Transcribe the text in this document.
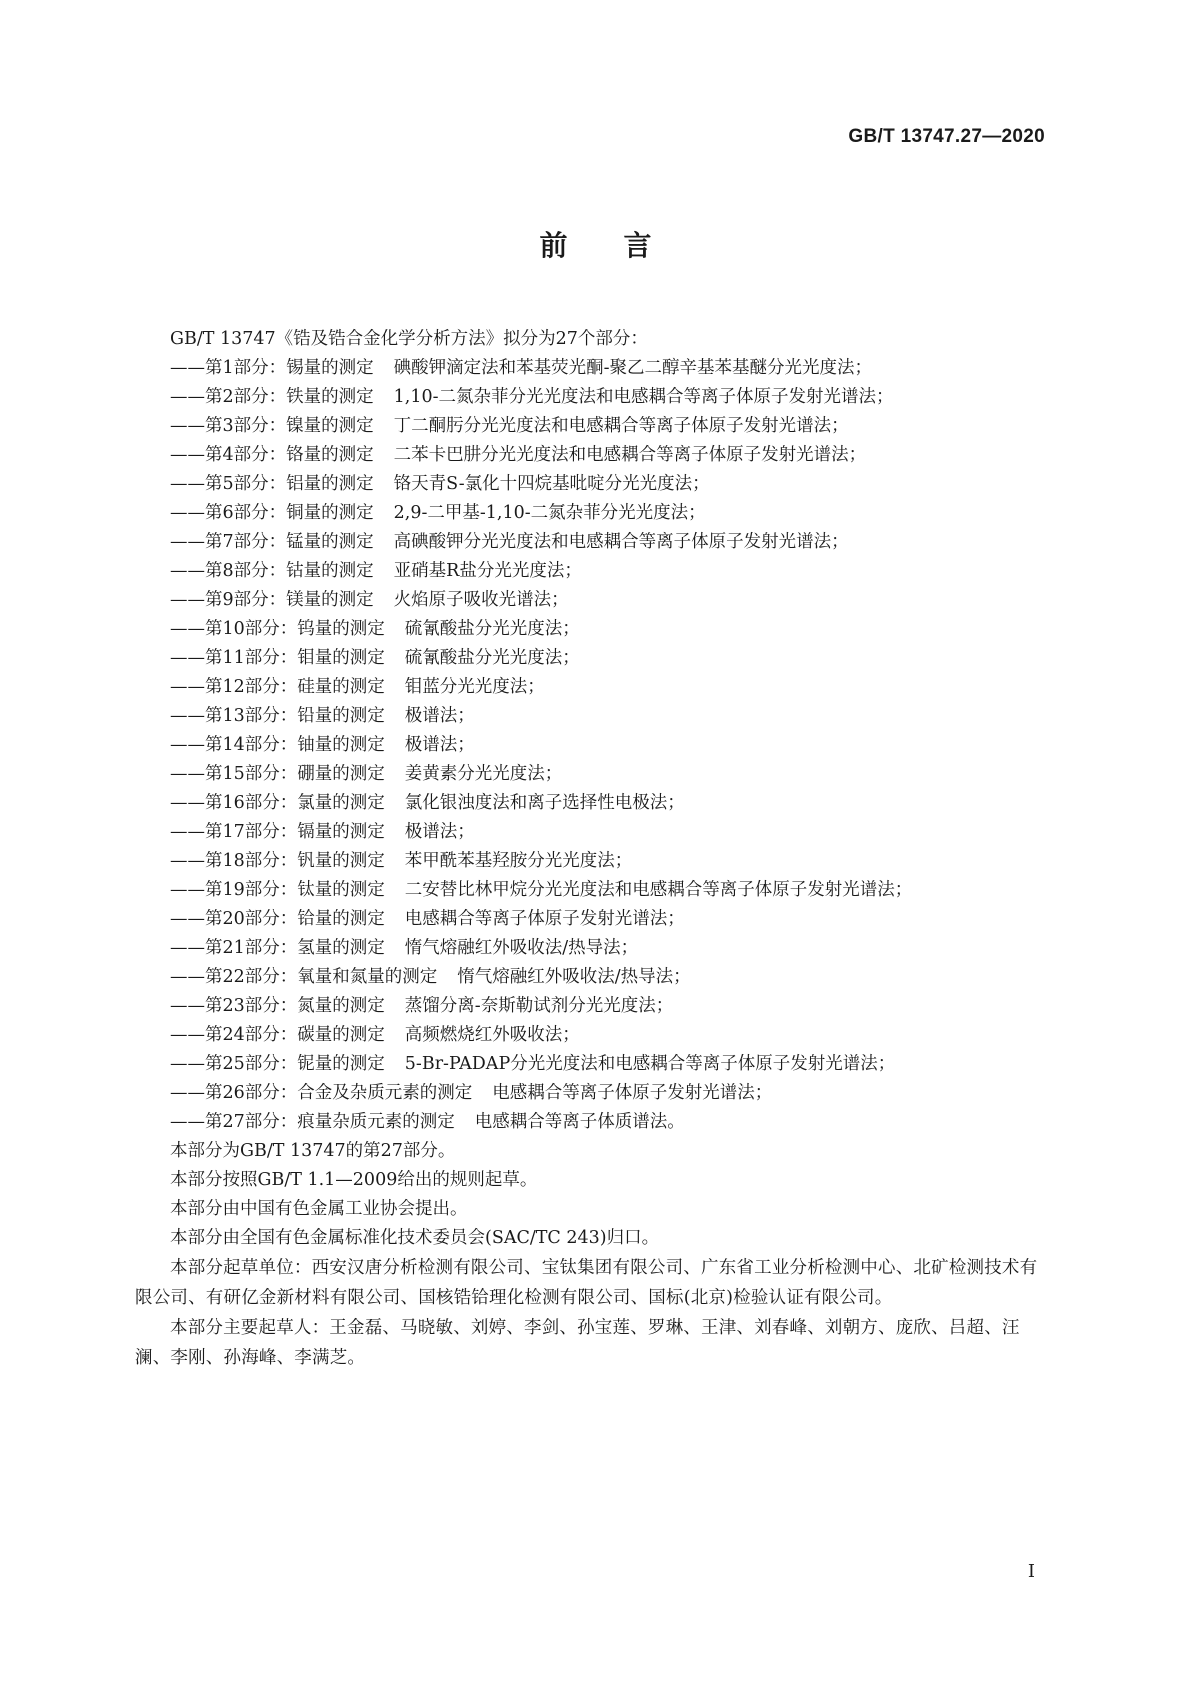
GB/T 13747.27—2020
前言
GB/T 13747《锆及锆合金化学分析方法》拟分为27个部分：
——第1部分：锡量的测定 碘酸钾滴定法和苯基荧光酮-聚乙二醇辛基苯基醚分光光度法；
——第2部分：铁量的测定 1,10-二氮杂菲分光光度法和电感耦合等离子体原子发射光谱法；
——第3部分：镍量的测定 丁二酮肟分光光度法和电感耦合等离子体原子发射光谱法；
——第4部分：铬量的测定 二苯卡巴肼分光光度法和电感耦合等离子体原子发射光谱法；
——第5部分：铝量的测定 铬天青S-氯化十四烷基吡啶分光光度法；
——第6部分：铜量的测定 2,9-二甲基-1,10-二氮杂菲分光光度法；
——第7部分：锰量的测定 高碘酸钾分光光度法和电感耦合等离子体原子发射光谱法；
——第8部分：钴量的测定 亚硝基R盐分光光度法；
——第9部分：镁量的测定 火焰原子吸收光谱法；
——第10部分：钨量的测定 硫氰酸盐分光光度法；
——第11部分：钼量的测定 硫氰酸盐分光光度法；
——第12部分：硅量的测定 钼蓝分光光度法；
——第13部分：铅量的测定 极谱法；
——第14部分：铀量的测定 极谱法；
——第15部分：硼量的测定 姜黄素分光光度法；
——第16部分：氯量的测定 氯化银浊度法和离子选择性电极法；
——第17部分：镉量的测定 极谱法；
——第18部分：钒量的测定 苯甲酰苯基羟胺分光光度法；
——第19部分：钛量的测定 二安替比林甲烷分光光度法和电感耦合等离子体原子发射光谱法；
——第20部分：铪量的测定 电感耦合等离子体原子发射光谱法；
——第21部分：氢量的测定 惰气熔融红外吸收法/热导法；
——第22部分：氧量和氮量的测定 惰气熔融红外吸收法/热导法；
——第23部分：氮量的测定 蒸馏分离-奈斯勒试剂分光光度法；
——第24部分：碳量的测定 高频燃烧红外吸收法；
——第25部分：铌量的测定 5-Br-PADAP分光光度法和电感耦合等离子体原子发射光谱法；
——第26部分：合金及杂质元素的测定 电感耦合等离子体原子发射光谱法；
——第27部分：痕量杂质元素的测定 电感耦合等离子体质谱法。
本部分为GB/T 13747的第27部分。
本部分按照GB/T 1.1—2009给出的规则起草。
本部分由中国有色金属工业协会提出。
本部分由全国有色金属标准化技术委员会(SAC/TC 243)归口。
本部分起草单位：西安汉唐分析检测有限公司、宝钛集团有限公司、广东省工业分析检测中心、北矿检测技术有限公司、有研亿金新材料有限公司、国核锆铪理化检测有限公司、国标(北京)检验认证有限公司。
本部分主要起草人：王金磊、马晓敏、刘婷、李剑、孙宝莲、罗琳、王津、刘春峰、刘朝方、庞欣、吕超、汪澜、李刚、孙海峰、李满芝。
I
